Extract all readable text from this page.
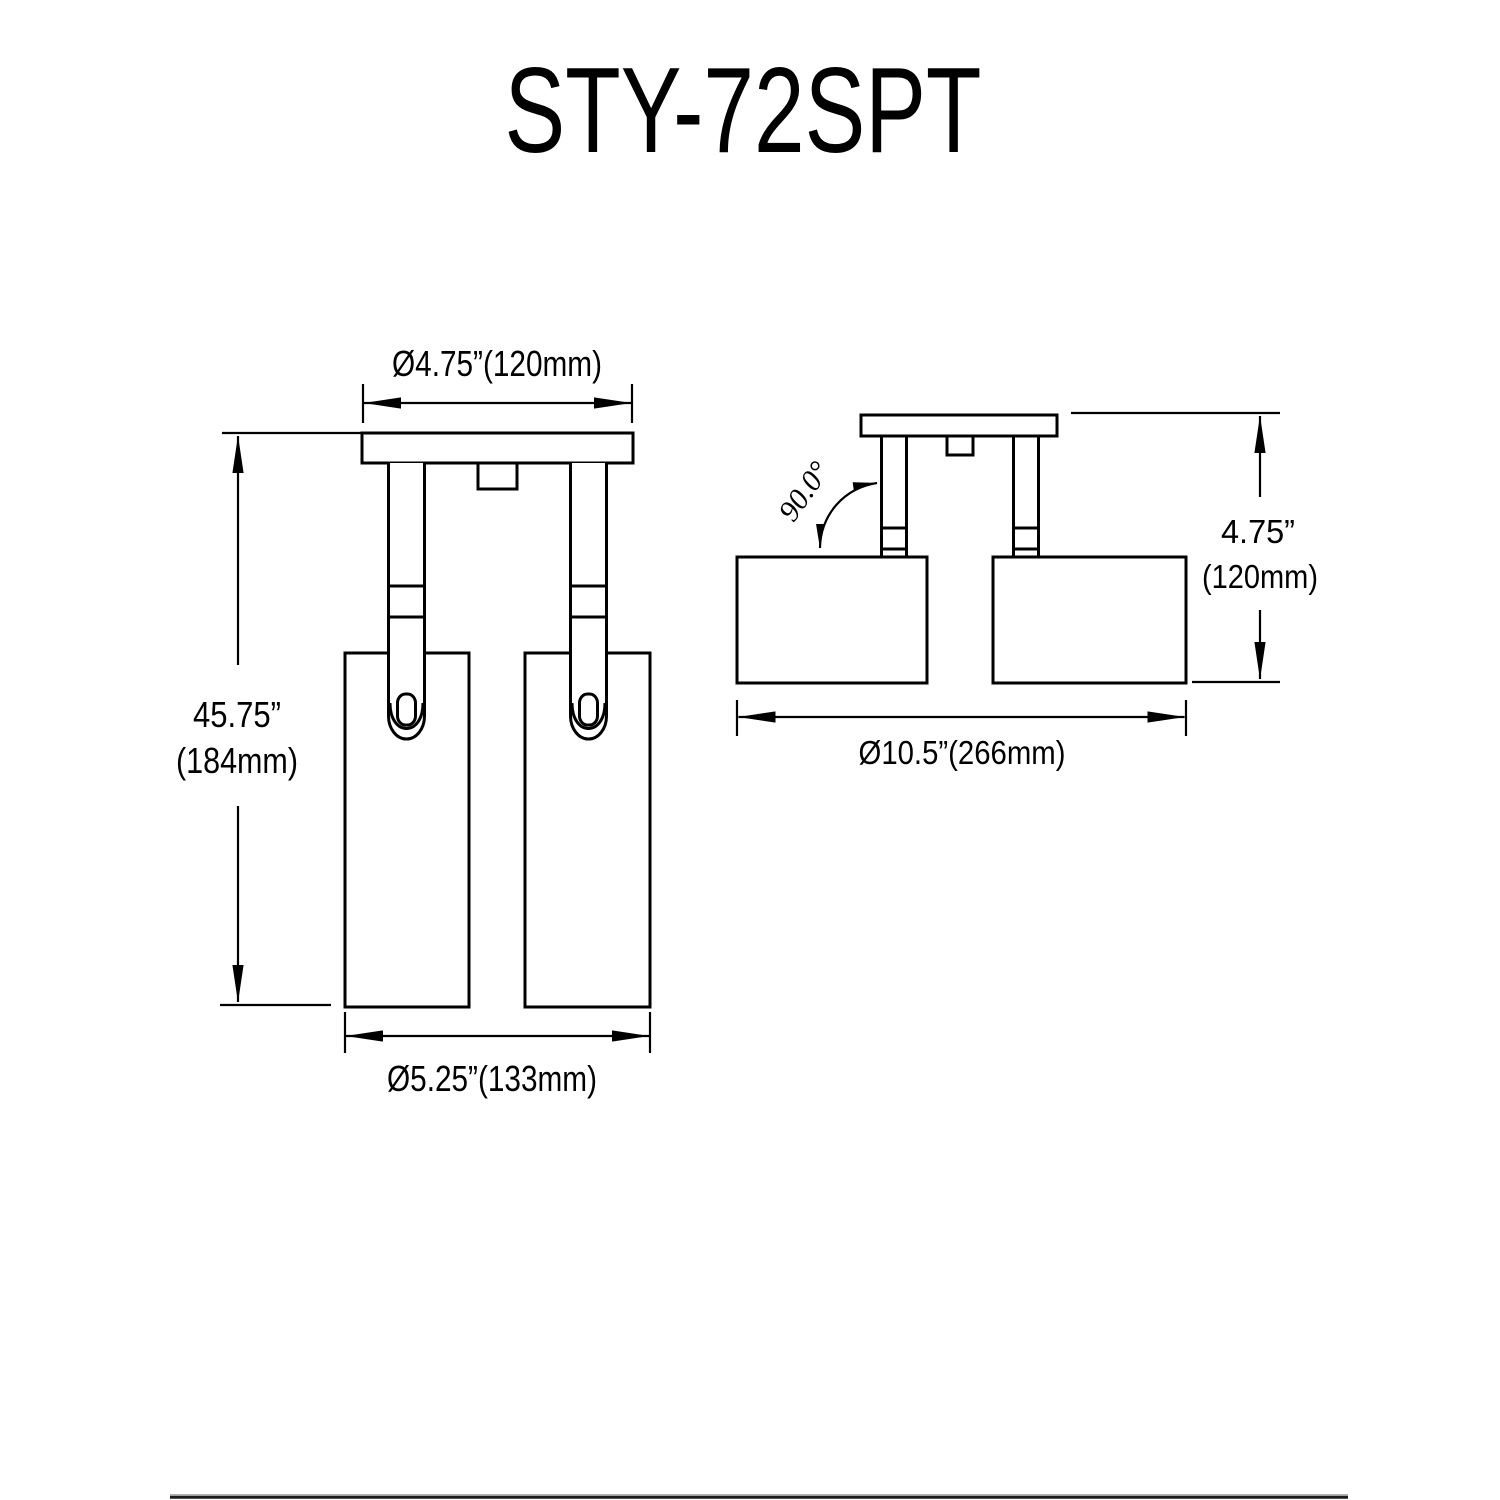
STY-72SPT
Ø4.75”(120mm)
45.75”
(184mm)
Ø5.25”(133mm)
90.0°
4.75”
(120mm)
Ø10.5”(266mm)
